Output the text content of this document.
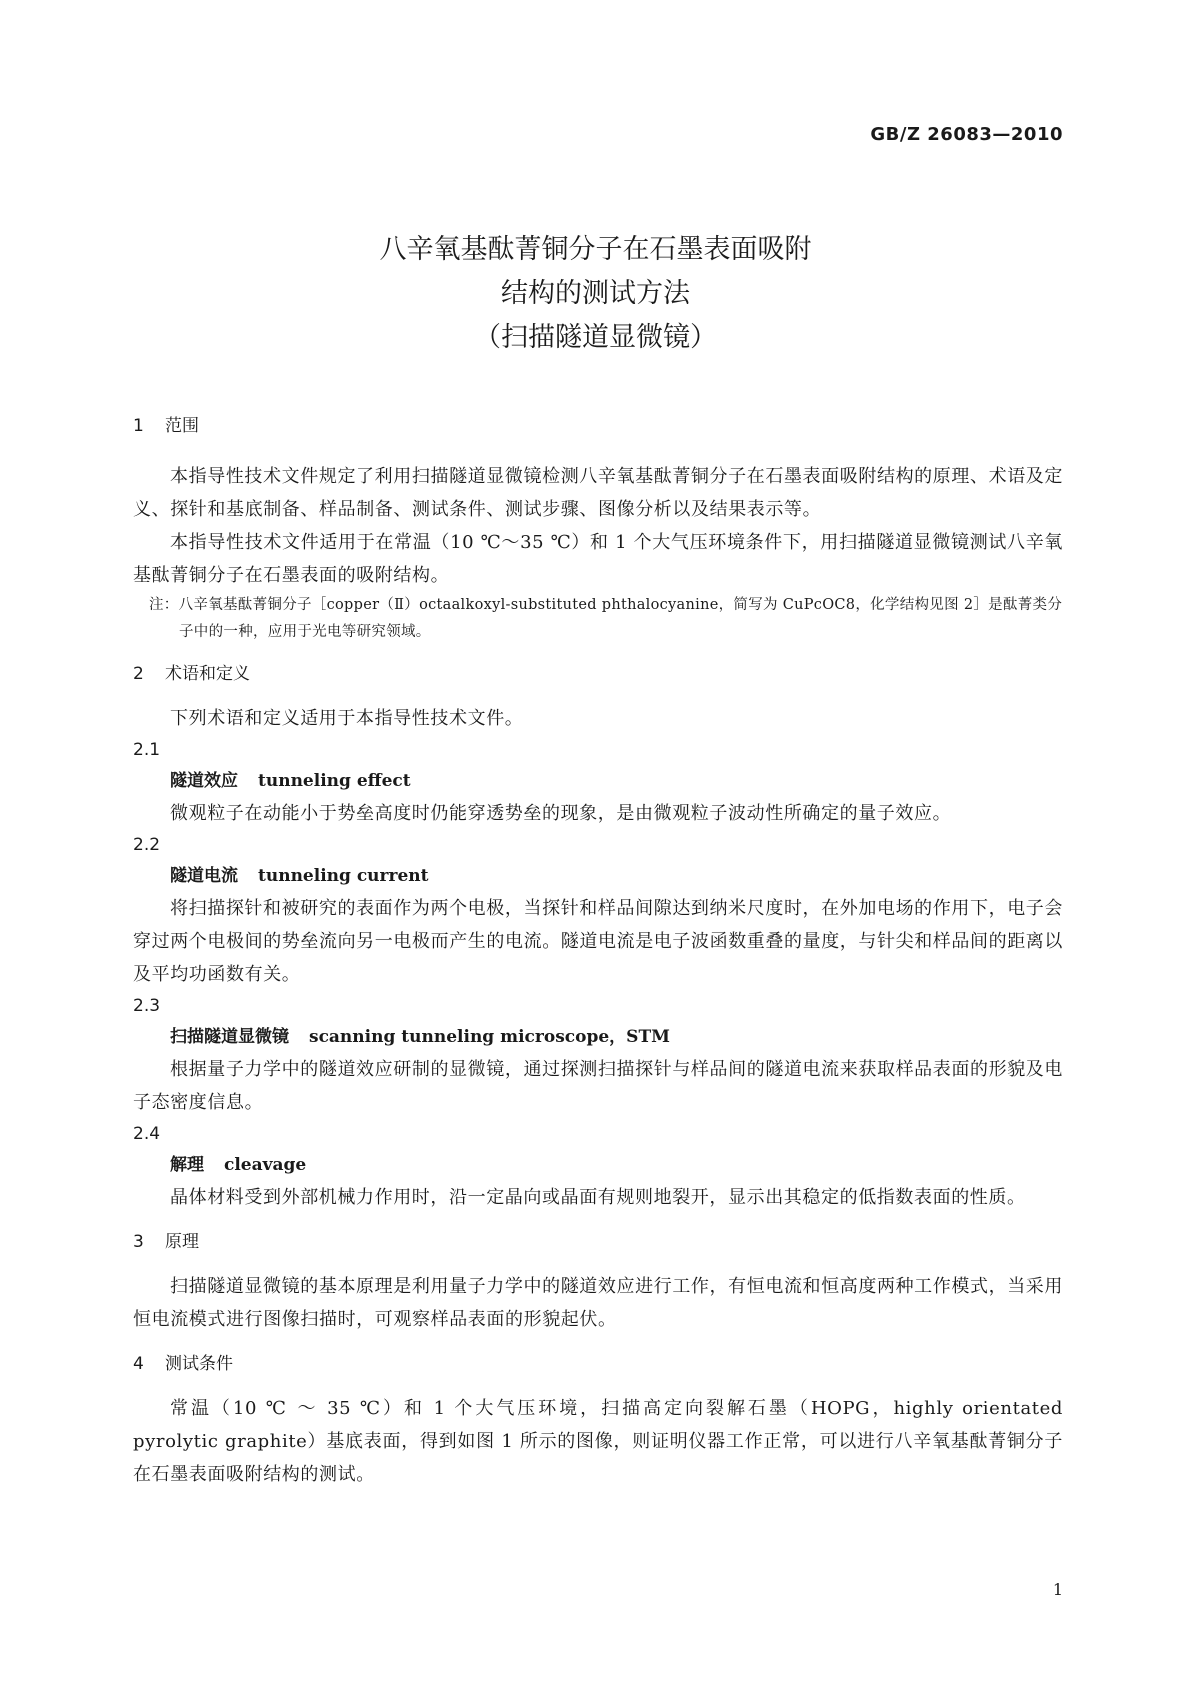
GB/Z 26083—2010
八辛氧基酞菁铜分子在石墨表面吸附
结构的测试方法
（扫描隧道显微镜）

1 范围

本指导性技术文件规定了利用扫描隧道显微镜检测八辛氧基酞菁铜分子在石墨表面吸附结构的原理、术语及定义、探针和基底制备、样品制备、测试条件、测试步骤、图像分析以及结果表示等。

本指导性技术文件适用于在常温（10 ℃～35 ℃）和 1 个大气压环境条件下，用扫描隧道显微镜测试八辛氧基酞菁铜分子在石墨表面的吸附结构。

注：八辛氧基酞菁铜分子［copper（Ⅱ）octaalkoxyl-substituted phthalocyanine，简写为 CuPcOC8，化学结构见图 2］是酞菁类分子中的一种，应用于光电等研究领域。

2 术语和定义

下列术语和定义适用于本指导性技术文件。

2.1

隧道效应 tunneling effect

微观粒子在动能小于势垒高度时仍能穿透势垒的现象，是由微观粒子波动性所确定的量子效应。

2.2

隧道电流 tunneling current

将扫描探针和被研究的表面作为两个电极，当探针和样品间隙达到纳米尺度时，在外加电场的作用下，电子会穿过两个电极间的势垒流向另一电极而产生的电流。隧道电流是电子波函数重叠的量度，与针尖和样品间的距离以及平均功函数有关。

2.3

扫描隧道显微镜 scanning tunneling microscope，STM

根据量子力学中的隧道效应研制的显微镜，通过探测扫描探针与样品间的隧道电流来获取样品表面的形貌及电子态密度信息。

2.4

解理 cleavage

晶体材料受到外部机械力作用时，沿一定晶向或晶面有规则地裂开，显示出其稳定的低指数表面的性质。

3 原理

扫描隧道显微镜的基本原理是利用量子力学中的隧道效应进行工作，有恒电流和恒高度两种工作模式，当采用恒电流模式进行图像扫描时，可观察样品表面的形貌起伏。

4 测试条件

常温（10 ℃ ～ 35 ℃）和 1 个大气压环境，扫描高定向裂解石墨（HOPG，highly orientated pyrolytic graphite）基底表面，得到如图 1 所示的图像，则证明仪器工作正常，可以进行八辛氧基酞菁铜分子在石墨表面吸附结构的测试。

1
